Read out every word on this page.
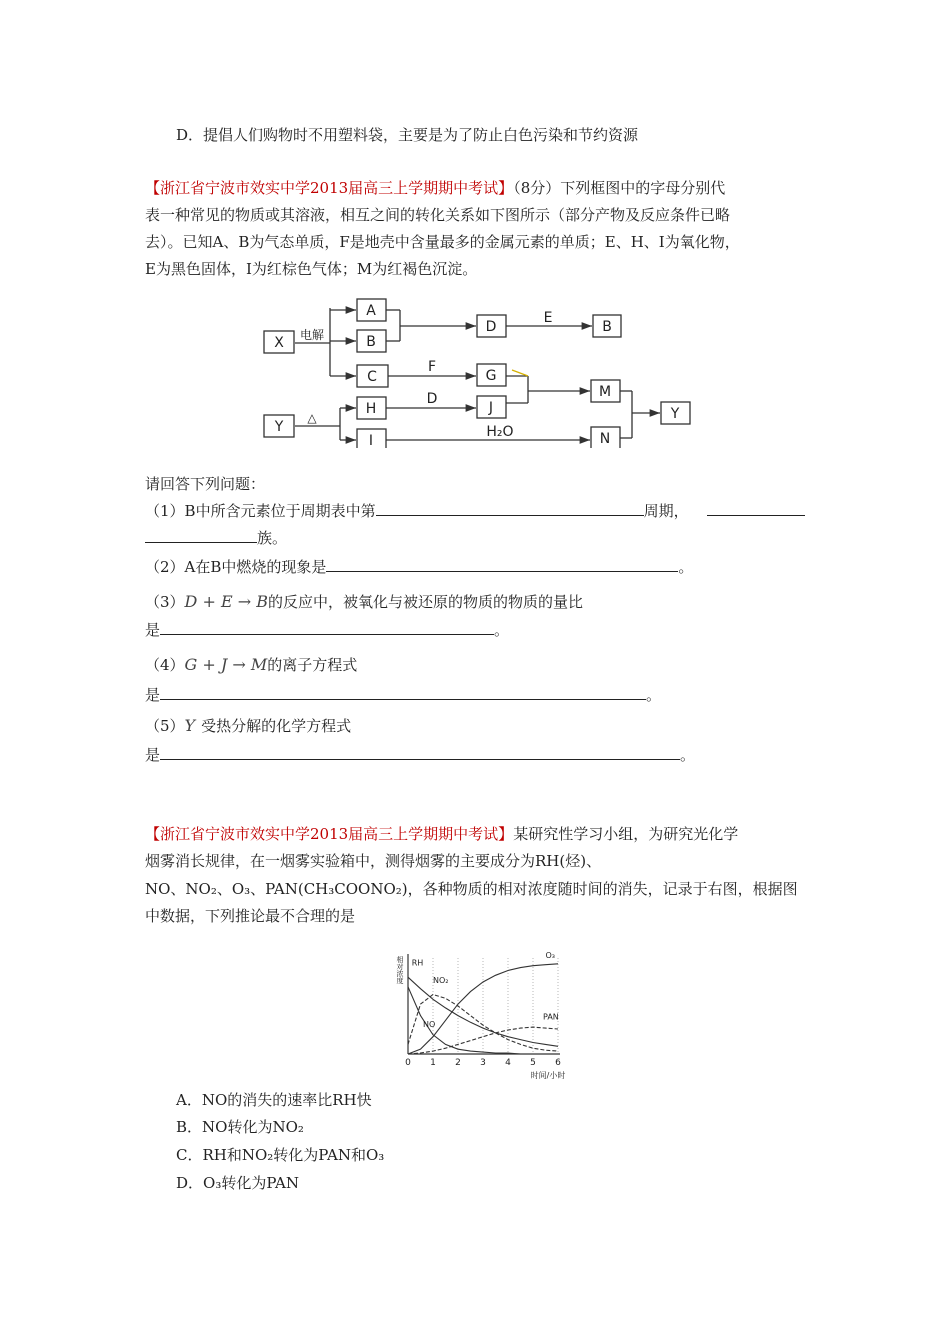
D．提倡人们购物时不用塑料袋，主要是为了防止白色污染和节约资源
【浙江省宁波市效实中学2013届高三上学期期中考试】（8分）下列框图中的字母分别代
表一种常见的物质或其溶液，相互之间的转化关系如下图所示（部分产物及反应条件已略
去）。已知A、B为气态单质，F是地壳中含量最多的金属元素的单质；E、H、I为氧化物，
E为黑色固体，I为红棕色气体；M为红褐色沉淀。
X
A
B
C
D	B
G
H	J
I
M
N
Y
Y
电解
E
F
D
△
H₂O
请回答下列问题：
（1）B中所含元素位于周期表中第	周期，
族。
（2）A在B中燃烧的现象是	。
（3）D + E → B的反应中，被氧化与被还原的物质的物质的量比
是	。
（4）G + J → M的离子方程式
是	。
（5）Y 受热分解的化学方程式
是	。
【浙江省宁波市效实中学2013届高三上学期期中考试】某研究性学习小组，为研究光化学
烟雾消长规律，在一烟雾实验箱中，测得烟雾的主要成分为RH(烃)、
NO、NO₂、O₃、PAN(CH₃COONO₂)，各种物质的相对浓度随时间的消失，记录于右图，根据图
中数据，下列推论最不合理的是
RH
NO₂
NO
O₃
PAN
0 1 2 3 4 5 6
相对浓度
时间/小时
A．NO的消失的速率比RH快
B．NO转化为NO₂
C．RH和NO₂转化为PAN和O₃
D．O₃转化为PAN
